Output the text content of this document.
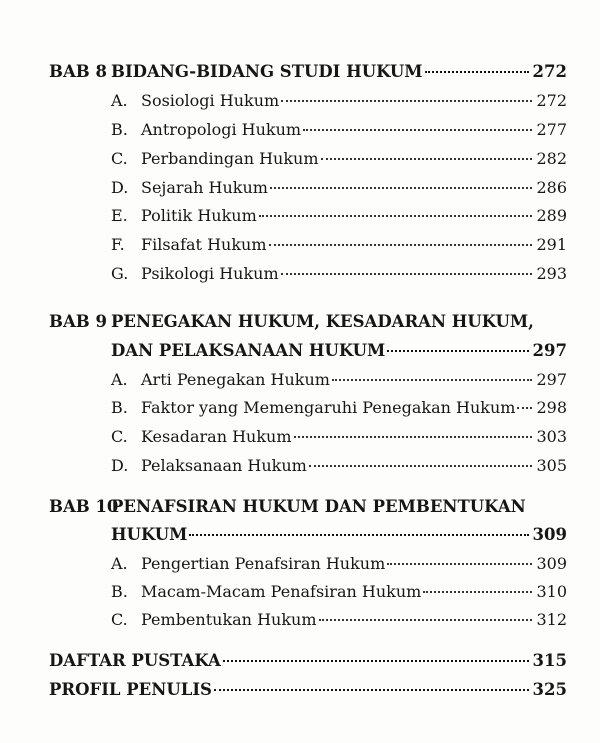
BAB 8 BIDANG-BIDANG STUDI HUKUM	272
A. Sosiologi Hukum	272
B. Antropologi Hukum	277
C. Perbandingan Hukum	282
D. Sejarah Hukum	286
E. Politik Hukum	289
F.	Filsafat Hukum	291
G. Psikologi Hukum	293
BAB 9 PENEGAKAN HUKUM, KESADARAN HUKUM,
DAN PELAKSANAAN HUKUM	297
A. Arti Penegakan Hukum	297
B. Faktor yang Memengaruhi Penegakan Hukum 298
C. Kesadaran Hukum	303
D. Pelaksanaan Hukum	305
BAB 10PENAFSIRAN HUKUM DAN PEMBENTUKAN
HUKUM	309
A. Pengertian Penafsiran Hukum	309
B. Macam-Macam Penafsiran Hukum	310
C. Pembentukan Hukum	312
DAFTAR PUSTAKA	315
PROFIL PENULIS	325
